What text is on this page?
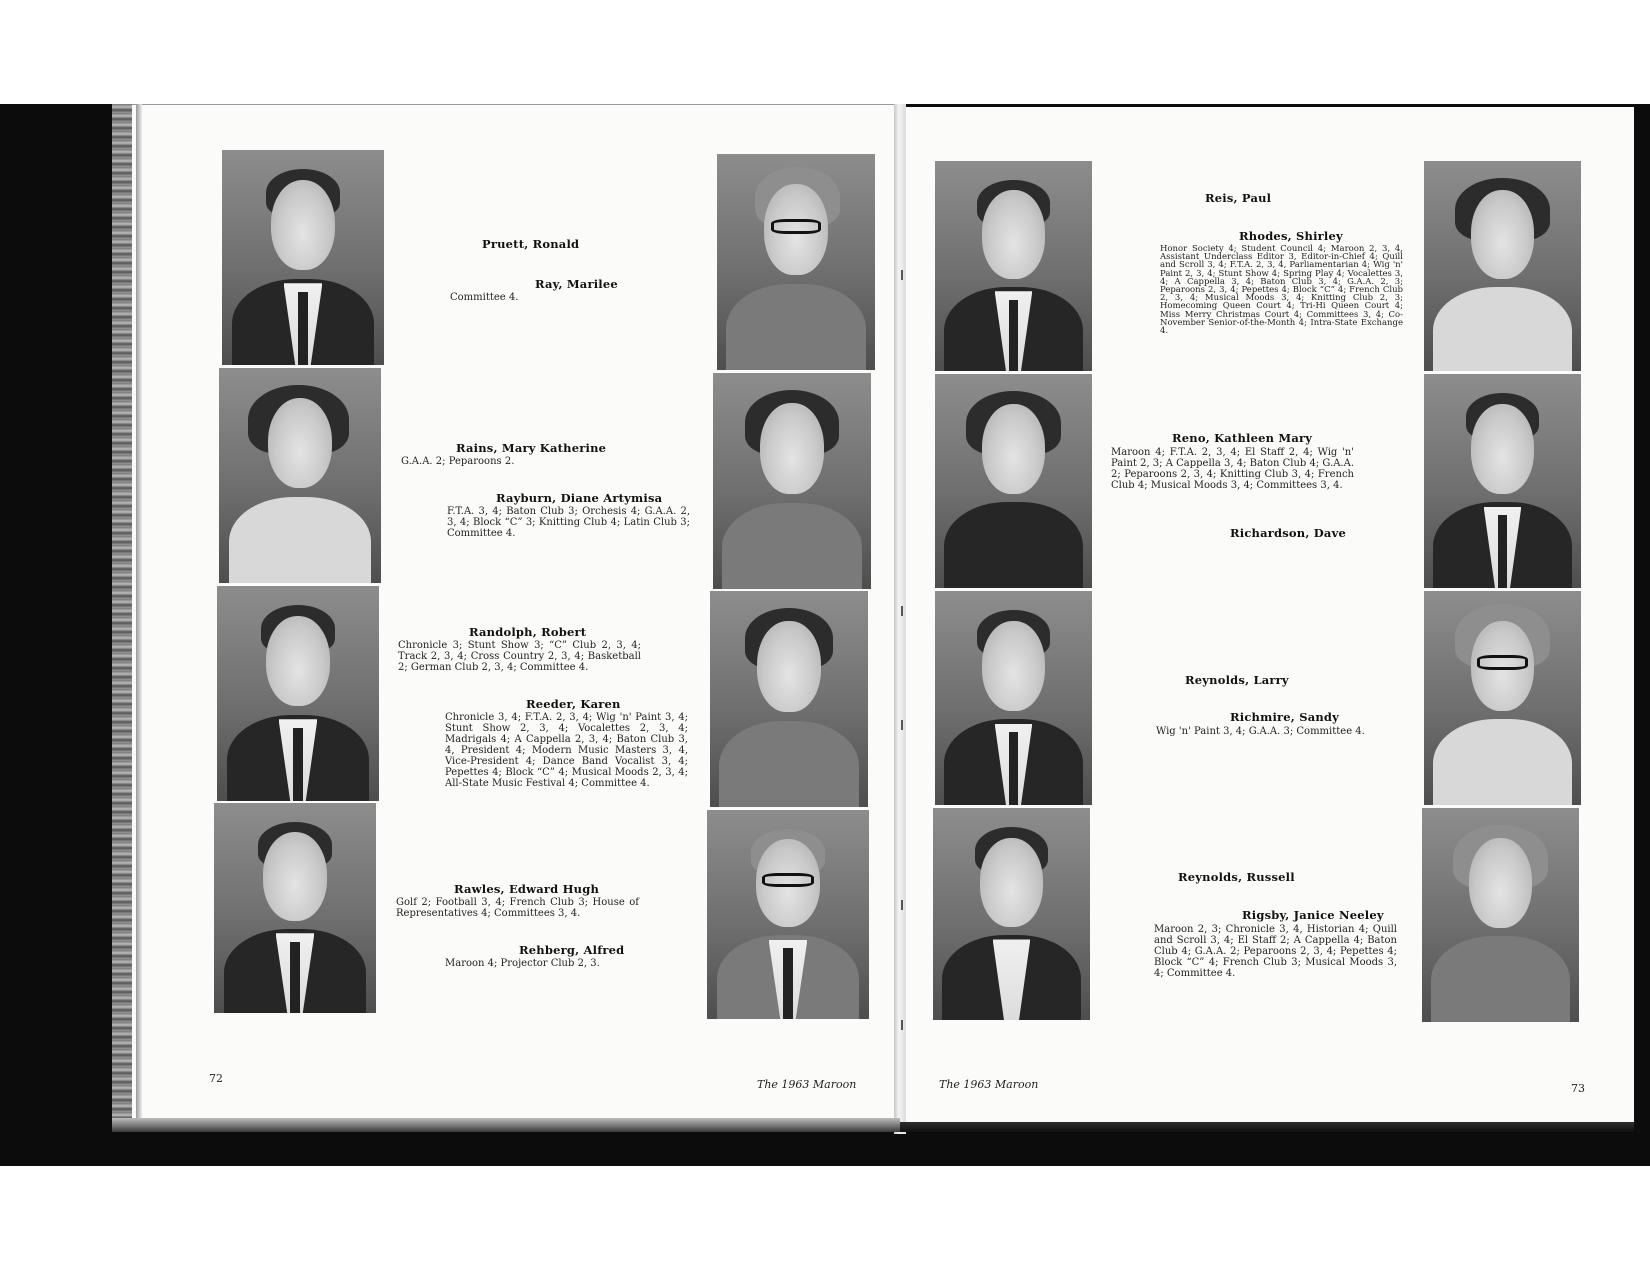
Pruett, Ronald
Ray, Marilee
Committee 4.
Rains, Mary Katherine
G.A.A. 2; Peparoons 2.
Rayburn, Diane Artymisa
F.T.A. 3, 4; Baton Club 3; Orchesis 4; G.A.A. 2, 3, 4; Block “C” 3; Knitting Club 4; Latin Club 3; Committee 4.
Randolph, Robert
Chronicle 3; Stunt Show 3; “C” Club 2, 3, 4; Track 2, 3, 4; Cross Country 2, 3, 4; Basketball 2; German Club 2, 3, 4; Committee 4.
Reeder, Karen
Chronicle 3, 4; F.T.A. 2, 3, 4; Wig 'n' Paint 3, 4; Stunt Show 2, 3, 4; Vocalettes 2, 3, 4; Madrigals 4; A Cappella 2, 3, 4; Baton Club 3, 4, President 4; Modern Music Masters 3, 4, Vice-President 4; Dance Band Vocalist 3, 4; Pepettes 4; Block “C” 4; Musical Moods 2, 3, 4; All-State Music Festival 4; Committee 4.
Rawles, Edward Hugh
Golf 2; Football 3, 4; French Club 3; House of Representatives 4; Committees 3, 4.
Rehberg, Alfred
Maroon 4; Projector Club 2, 3.
72	The 1963 Maroon
Reis, Paul
Rhodes, Shirley
Honor Society 4; Student Council 4; Maroon 2, 3, 4, Assistant Underclass Editor 3, Editor-in-Chief 4; Quill and Scroll 3, 4; F.T.A. 2, 3, 4, Parliamentarian 4; Wig 'n' Paint 2, 3, 4; Stunt Show 4; Spring Play 4; Vocalettes 3, 4; A Cappella 3, 4; Baton Club 3, 4; G.A.A. 2, 3; Peparoons 2, 3, 4; Pepettes 4; Block “C” 4; French Club 2, 3, 4; Musical Moods 3, 4; Knitting Club 2, 3; Homecoming Queen Court 4; Tri-Hi Queen Court 4; Miss Merry Christmas Court 4; Committees 3, 4; Co-November Senior-of-the-Month 4; Intra-State Exchange 4.
Reno, Kathleen Mary
Maroon 4; F.T.A. 2, 3, 4; El Staff 2, 4; Wig 'n' Paint 2, 3; A Cappella 3, 4; Baton Club 4; G.A.A. 2; Peparoons 2, 3, 4; Knitting Club 3, 4; French Club 4; Musical Moods 3, 4; Committees 3, 4.
Richardson, Dave
Reynolds, Larry
Richmire, Sandy
Wig 'n' Paint 3, 4; G.A.A. 3; Committee 4.
Reynolds, Russell
Rigsby, Janice Neeley
Maroon 2, 3; Chronicle 3, 4, Historian 4; Quill and Scroll 3, 4; El Staff 2; A Cappella 4; Baton Club 4; G.A.A. 2; Peparoons 2, 3, 4; Pepettes 4; Block “C” 4; French Club 3; Musical Moods 3, 4; Committee 4.
The 1963 Maroon	73
